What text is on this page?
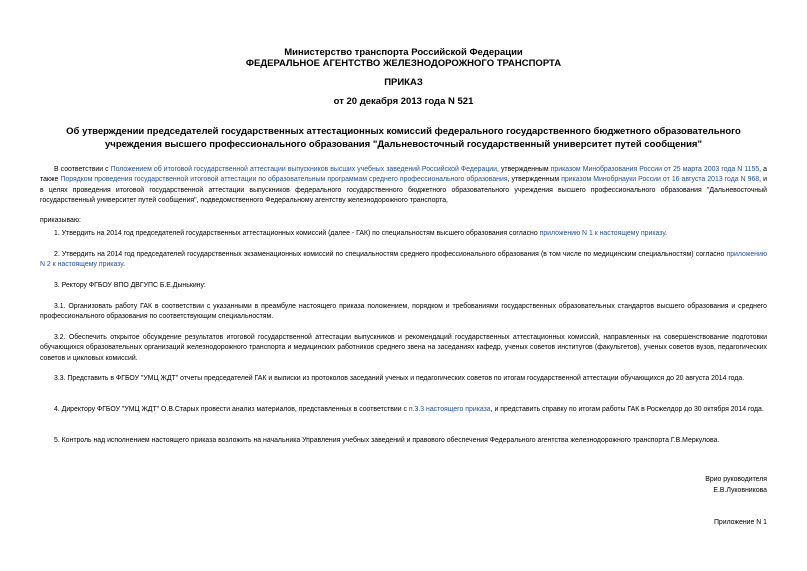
Министерство транспорта Российской Федерации
ФЕДЕРАЛЬНОЕ АГЕНТСТВО ЖЕЛЕЗНОДОРОЖНОГО ТРАНСПОРТА
ПРИКАЗ
от 20 декабря 2013 года N 521
Об утверждении председателей государственных аттестационных комиссий федерального государственного бюджетного образовательного учреждения высшего профессионального образования "Дальневосточный государственный университет путей сообщения"
В соответствии с Положением об итоговой государственной аттестации выпускников высших учебных заведений Российской Федерации, утвержденным приказом Минобразования России от 25 марта 2003 года N 1155, а также Порядком проведения государственной итоговой аттестации по образовательным программам среднего профессионального образования, утвержденным приказом Минобрнауки России от 16 августа 2013 года N 968, и в целях проведения итоговой государственной аттестации выпускников федерального государственного бюджетного образовательного учреждения высшего профессионального образования "Дальневосточный государственный университет путей сообщения", подведомственного Федеральному агентству железнодорожного транспорта,
приказываю:
1. Утвердить на 2014 год председателей государственных аттестационных комиссий (далее - ГАК) по специальностям высшего образования согласно приложению N 1 к настоящему приказу.
2. Утвердить на 2014 год председателей государственных экзаменационных комиссий по специальностям среднего профессионального образования (в том числе по медицинским специальностям) согласно приложению N 2 к настоящему приказу.
3. Ректору ФГБОУ ВПО ДВГУПС Б.Е.Дынькину:
3.1. Организовать работу ГАК в соответствии с указанными в преамбуле настоящего приказа положением, порядком и требованиями государственных образовательных стандартов высшего образования и среднего профессионального образования по соответствующим специальностям.
3.2. Обеспечить открытое обсуждение результатов итоговой государственной аттестации выпускников и рекомендаций государственных аттестационных комиссий, направленных на совершенствование подготовки обучающихся образовательных организаций железнодорожного транспорта и медицинских работников среднего звена на заседаниях кафедр, ученых советов институтов (факультетов), ученых советов вузов, педагогических советов и цикловых комиссий.
3.3. Представить в ФГБОУ "УМЦ ЖДТ" отчеты председателей ГАК и выписки из протоколов заседаний ученых и педагогических советов по итогам государственной аттестации обучающихся до 20 августа 2014 года.
4. Директору ФГБОУ "УМЦ ЖДТ" О.В.Старых провести анализ материалов, представленных в соответствии с п.3.3 настоящего приказа, и представить справку по итогам работы ГАК в Росжелдор до 30 октября 2014 года.
5. Контроль над исполнением настоящего приказа возложить на начальника Управления учебных заведений и правового обеспечения Федерального агентства железнодорожного транспорта Г.В.Меркулова.
Врио руководителя
Е.В.Луковникова
Приложение N 1
